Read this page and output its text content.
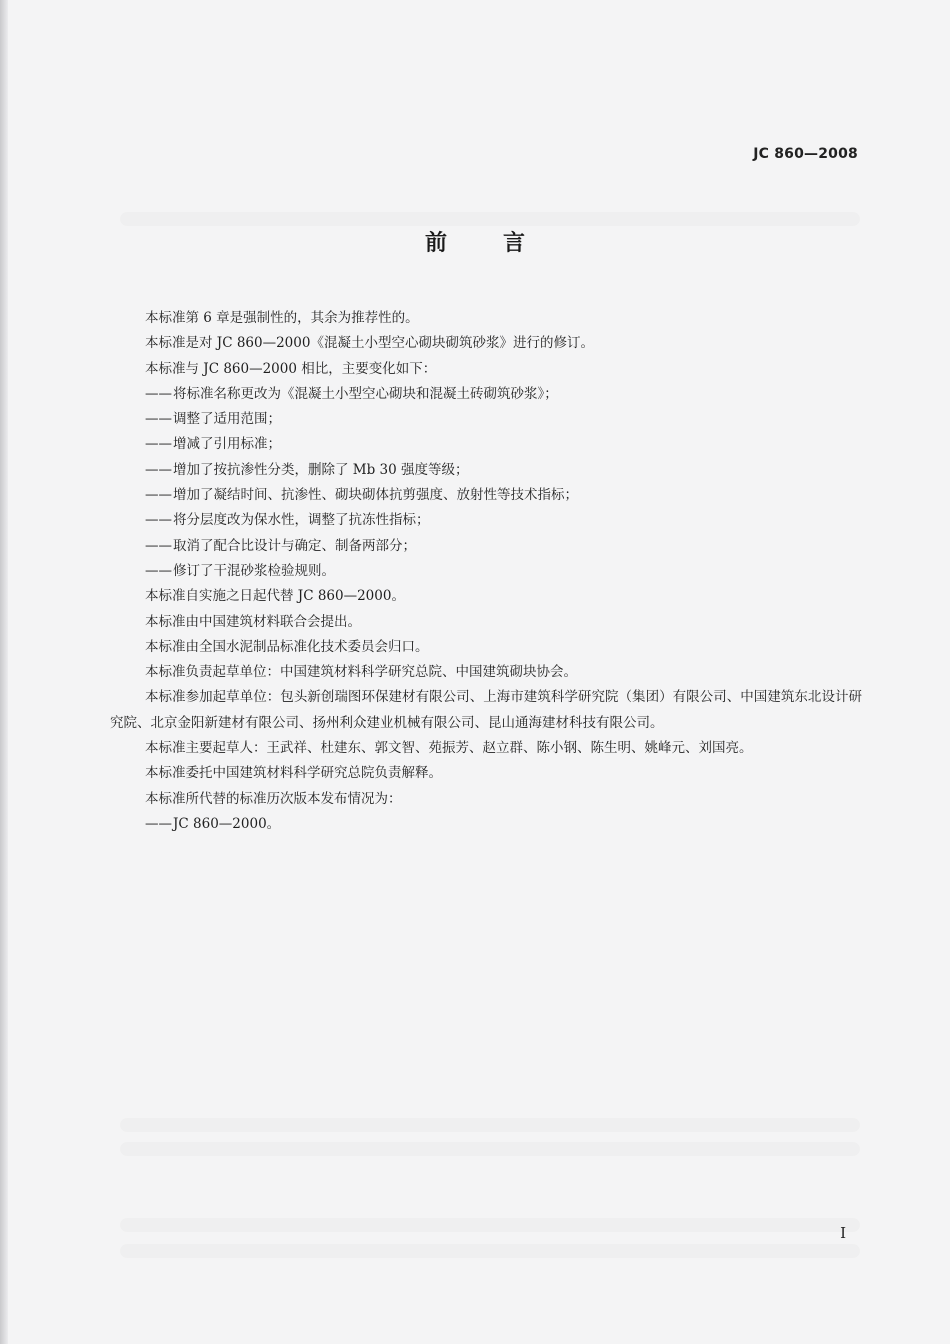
JC 860—2008
前言

本标准第 6 章是强制性的，其余为推荐性的。

本标准是对 JC 860—2000《混凝土小型空心砌块砌筑砂浆》进行的修订。

本标准与 JC 860—2000 相比，主要变化如下：

——将标准名称更改为《混凝土小型空心砌块和混凝土砖砌筑砂浆》；

——调整了适用范围；

——增减了引用标准；

——增加了按抗渗性分类，删除了 Mb 30 强度等级；

——增加了凝结时间、抗渗性、砌块砌体抗剪强度、放射性等技术指标；

——将分层度改为保水性，调整了抗冻性指标；

——取消了配合比设计与确定、制备两部分；

——修订了干混砂浆检验规则。

本标准自实施之日起代替 JC 860—2000。

本标准由中国建筑材料联合会提出。

本标准由全国水泥制品标准化技术委员会归口。

本标准负责起草单位：中国建筑材料科学研究总院、中国建筑砌块协会。

本标准参加起草单位：包头新创瑞图环保建材有限公司、上海市建筑科学研究院（集团）有限公司、中国建筑东北设计研究院、北京金阳新建材有限公司、扬州利众建业机械有限公司、昆山通海建材科技有限公司。

本标准主要起草人：王武祥、杜建东、郭文智、苑振芳、赵立群、陈小钢、陈生明、姚峰元、刘国亮。

本标准委托中国建筑材料科学研究总院负责解释。

本标准所代替的标准历次版本发布情况为：

——JC 860—2000。

I
